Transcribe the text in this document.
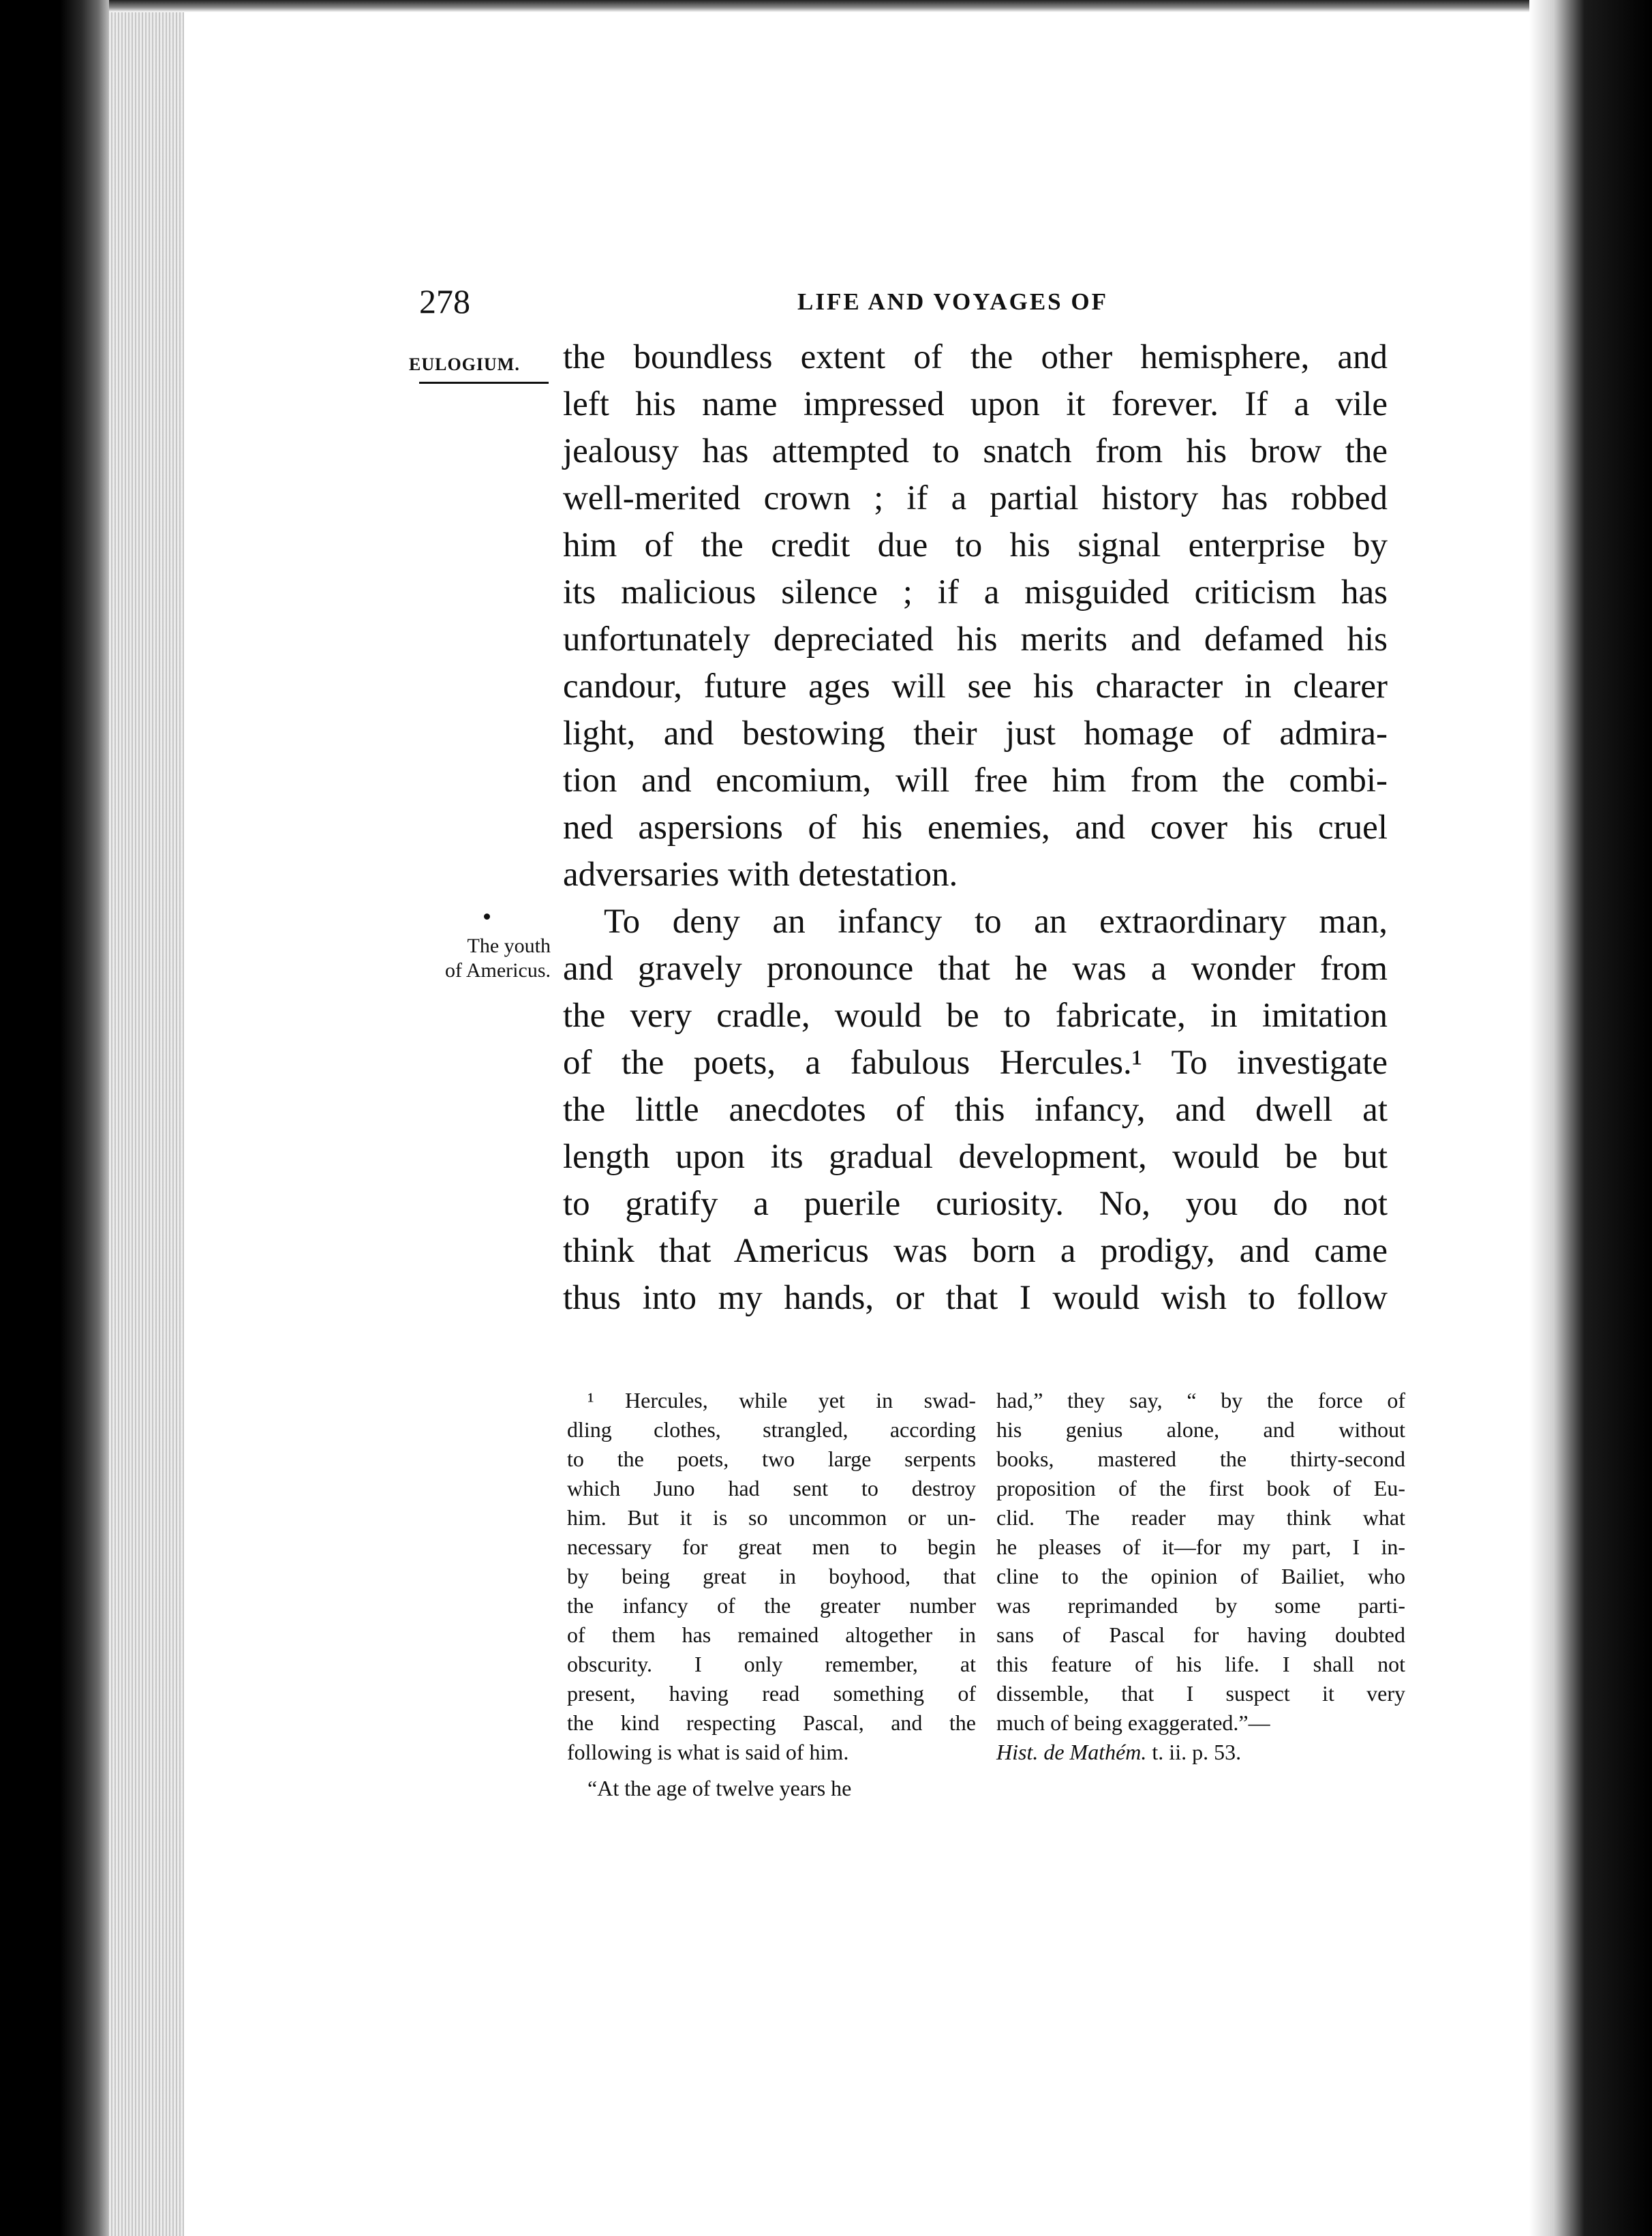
278	LIFE AND VOYAGES OF
EULOGIUM.
The youth
of Americus.
the boundless extent of the other hemisphere, and
left his name impressed upon it forever. If a vile
jealousy has attempted to snatch from his brow the
well-merited crown ; if a partial history has robbed
him of the credit due to his signal enterprise by
its malicious silence ; if a misguided criticism has
unfortunately depreciated his merits and defamed his
candour, future ages will see his character in clearer
light, and bestowing their just homage of admira-
tion and encomium, will free him from the combi-
ned aspersions of his enemies, and cover his cruel
adversaries with detestation.
To deny an infancy to an extraordinary man,
and gravely pronounce that he was a wonder from
the very cradle, would be to fabricate, in imitation
of the poets, a fabulous Hercules.¹ To investigate
the little anecdotes of this infancy, and dwell at
length upon its gradual development, would be but
to gratify a puerile curiosity. No, you do not
think that Americus was born a prodigy, and came
thus into my hands, or that I would wish to follow
¹ Hercules, while yet in swad-
dling clothes, strangled, according
to the poets, two large serpents
which Juno had sent to destroy
him. But it is so uncommon or un-
necessary for great men to begin
by being great in boyhood, that
the infancy of the greater number
of them has remained altogether in
obscurity. I only remember, at
present, having read something of
the kind respecting Pascal, and the
following is what is said of him.
“At the age of twelve years he
had,” they say, “ by the force of
his genius alone, and without
books, mastered the thirty-second
proposition of the first book of Eu-
clid. The reader may think what
he pleases of it—for my part, I in-
cline to the opinion of Bailiet, who
was reprimanded by some parti-
sans of Pascal for having doubted
this feature of his life. I shall not
dissemble, that I suspect it very
much of being exaggerated.”—
Hist. de Mathém. t. ii. p. 53.
